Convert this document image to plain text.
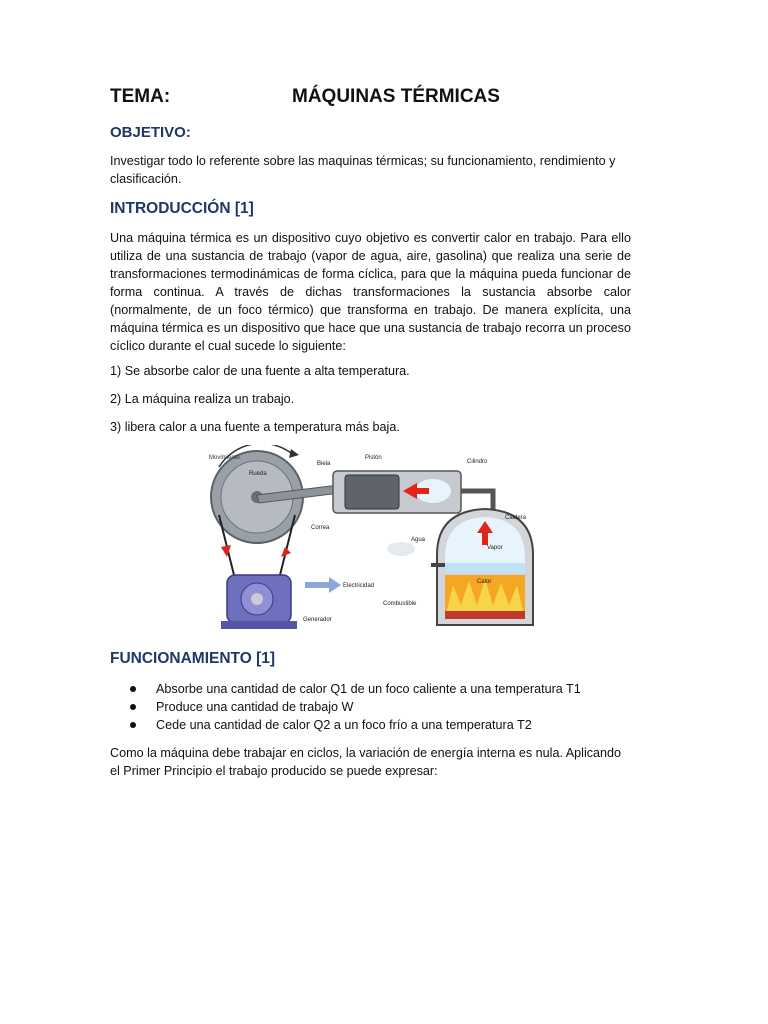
TEMA:	MÁQUINAS TÉRMICAS
OBJETIVO:

Investigar todo lo referente sobre las maquinas térmicas; su funcionamiento, rendimiento y clasificación.

INTRODUCCIÓN [1]

Una máquina térmica es un dispositivo cuyo objetivo es convertir calor en trabajo. Para ello utiliza de una sustancia de trabajo (vapor de agua, aire, gasolina) que realiza una serie de transformaciones termodinámicas de forma cíclica, para que la máquina pueda funcionar de forma continua. A través de dichas transformaciones la sustancia absorbe calor (normalmente, de un foco térmico) que transforma en trabajo. De manera explícita, una máquina térmica es un dispositivo que hace que una sustancia de trabajo recorra un proceso cíclico durante el cual sucede lo siguiente:

1) Se absorbe calor de una fuente a alta temperatura.

2) La máquina realiza un trabajo.

3) libera calor a una fuente a temperatura más baja.

Movimiento
Rueda
Biela
Pistón
Cilindro
Caldera
Agua
Vapor
Calor
Combustible
Correa
Electricidad
Generador
FUNCIONAMIENTO [1]
Absorbe una cantidad de calor Q1 de un foco caliente a una temperatura T1
Produce una cantidad de trabajo W
Cede una cantidad de calor Q2 a un foco frío a una temperatura T2

Como la máquina debe trabajar en ciclos, la variación de energía interna es nula. Aplicando el Primer Principio el trabajo producido se puede expresar:
